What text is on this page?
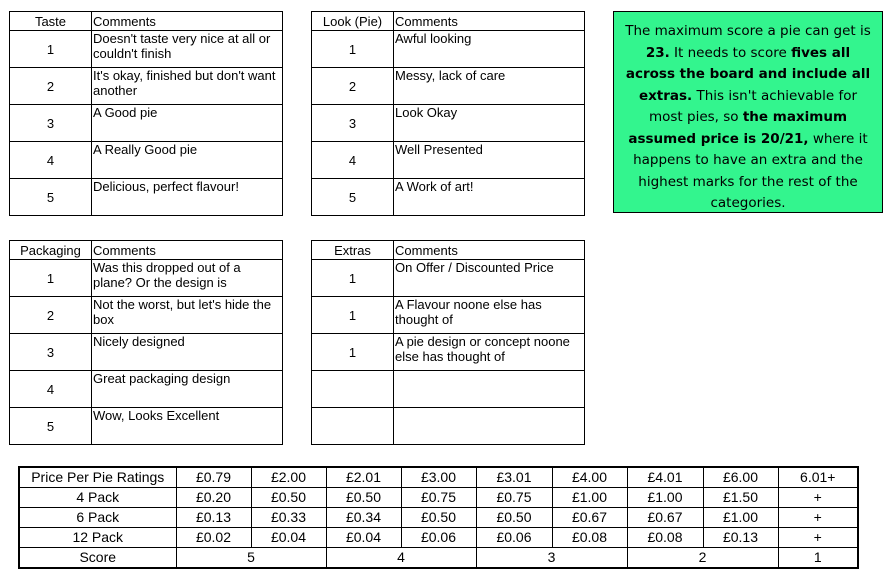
Taste	Comments
1	Doesn't taste very nice at all or couldn't finish
2	It's okay, finished but don't want another
3	A Good pie
4	A Really Good pie
5	Delicious, perfect flavour!
Look (Pie)	Comments
1	Awful looking
2	Messy, lack of care
3	Look Okay
4	Well Presented
5	A Work of art!
The maximum score a pie can get is 23. It needs to score fives all across the board and include all extras. This isn't achievable for most pies, so the maximum assumed price is 20/21, where it happens to have an extra and the highest marks for the rest of the categories.
Packaging	Comments
1	Was this dropped out of a plane? Or the design is
2	Not the worst, but let's hide the box
3	Nicely designed
4	Great packaging design
5	Wow, Looks Excellent
Extras	Comments
1	On Offer / Discounted Price
1	A Flavour noone else has thought of
1	A pie design or concept noone else has thought of

Price Per Pie Ratings	£0.79	£2.00	£2.01	£3.00	£3.01	£4.00	£4.01	£6.00	6.01+
4 Pack	£0.20	£0.50	£0.50	£0.75	£0.75	£1.00	£1.00	£1.50	+
6 Pack	£0.13	£0.33	£0.34	£0.50	£0.50	£0.67	£0.67	£1.00	+
12 Pack	£0.02	£0.04	£0.04	£0.06	£0.06	£0.08	£0.08	£0.13	+
Score	5		4		3		2		1
